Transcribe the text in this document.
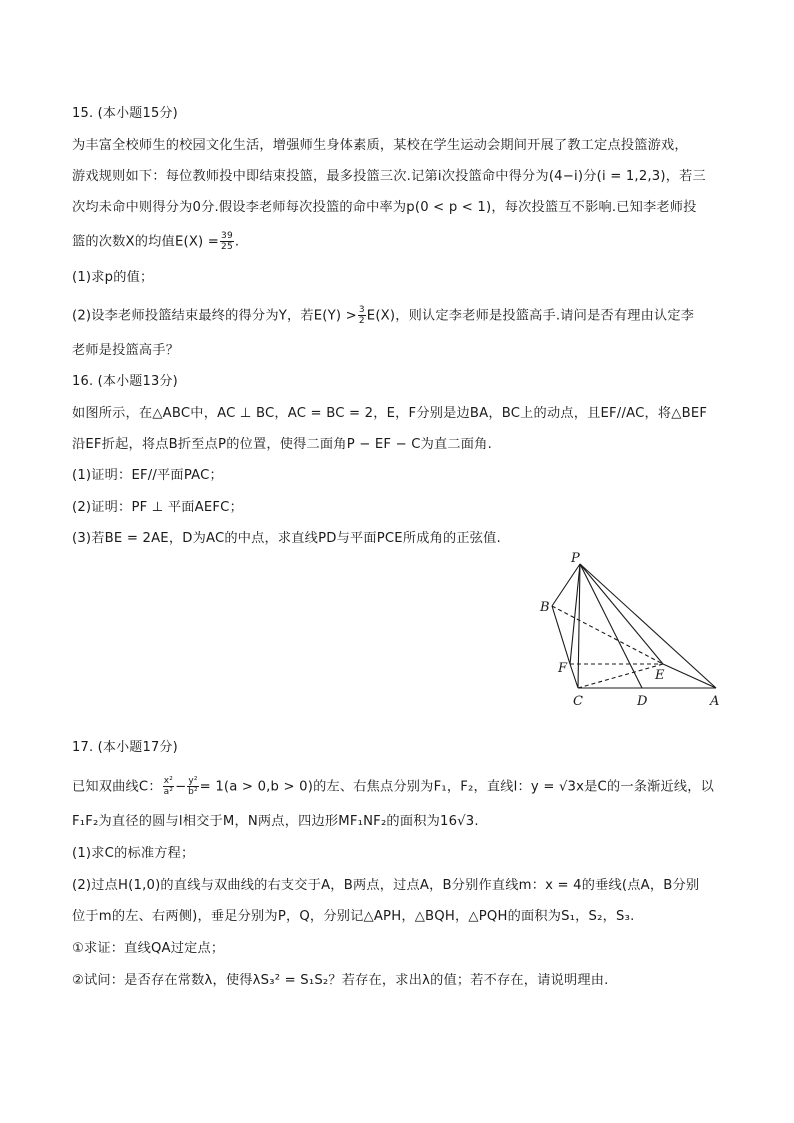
15. (本小题15分)
为丰富全校师生的校园文化生活，增强师生身体素质，某校在学生运动会期间开展了教工定点投篮游戏，
游戏规则如下：每位教师投中即结束投篮，最多投篮三次.记第i次投篮命中得分为(4−i)分(i = 1,2,3)，若三
次均未命中则得分为0分.假设李老师每次投篮的命中率为p(0 < p < 1)，每次投篮互不影响.已知李老师投
篮的次数X的均值$E(X) = \frac{39}{25}$ .
(1)求p的值；
(2)设李老师投篮结束最终的得分为Y，若$E(Y) > \frac{3}{2} E(X)$，则认定李老师是投篮高手.请问是否有理由认定李
老师是投篮高手？
16. (本小题13分)
如图所示，在△ABC中，AC ⊥ BC，AC = BC = 2，E，F分别是边BA，BC上的动点，且EF//AC，将△BEF
沿EF折起，将点B折至点P的位置，使得二面角P − EF − C为直二面角.
(1)证明：EF//平面PAC；
(2)证明：PF ⊥ 平面AEFC；
(3)若BE = 2AE，D为AC的中点，求直线PD与平面PCE所成角的正弦值.
P
B
F	E
C	D	A
17. (本小题17分)
已知双曲线C： $\frac{\text{x²}}{\text{a²}} - \frac{\text{y²}}{\text{b²}} = 1(a > 0,b > 0)$的左、右焦点分别为F₁，F₂，直线l：y = √3x是C的一条渐近线，以
F₁F₂为直径的圆与l相交于M，N两点，四边形MF₁NF₂的面积为16√3.
(1)求C的标准方程；
(2)过点H(1,0)的直线与双曲线的右支交于A，B两点，过点A，B分别作直线m：x = 4的垂线(点A，B分别
位于m的左、右两侧)，垂足分别为P，Q，分别记△APH，△BQH，△PQH的面积为S₁，S₂，S₃.
①求证：直线QA过定点；
②试问：是否存在常数λ，使得λS₃² = S₁S₂？若存在，求出λ的值；若不存在，请说明理由.
